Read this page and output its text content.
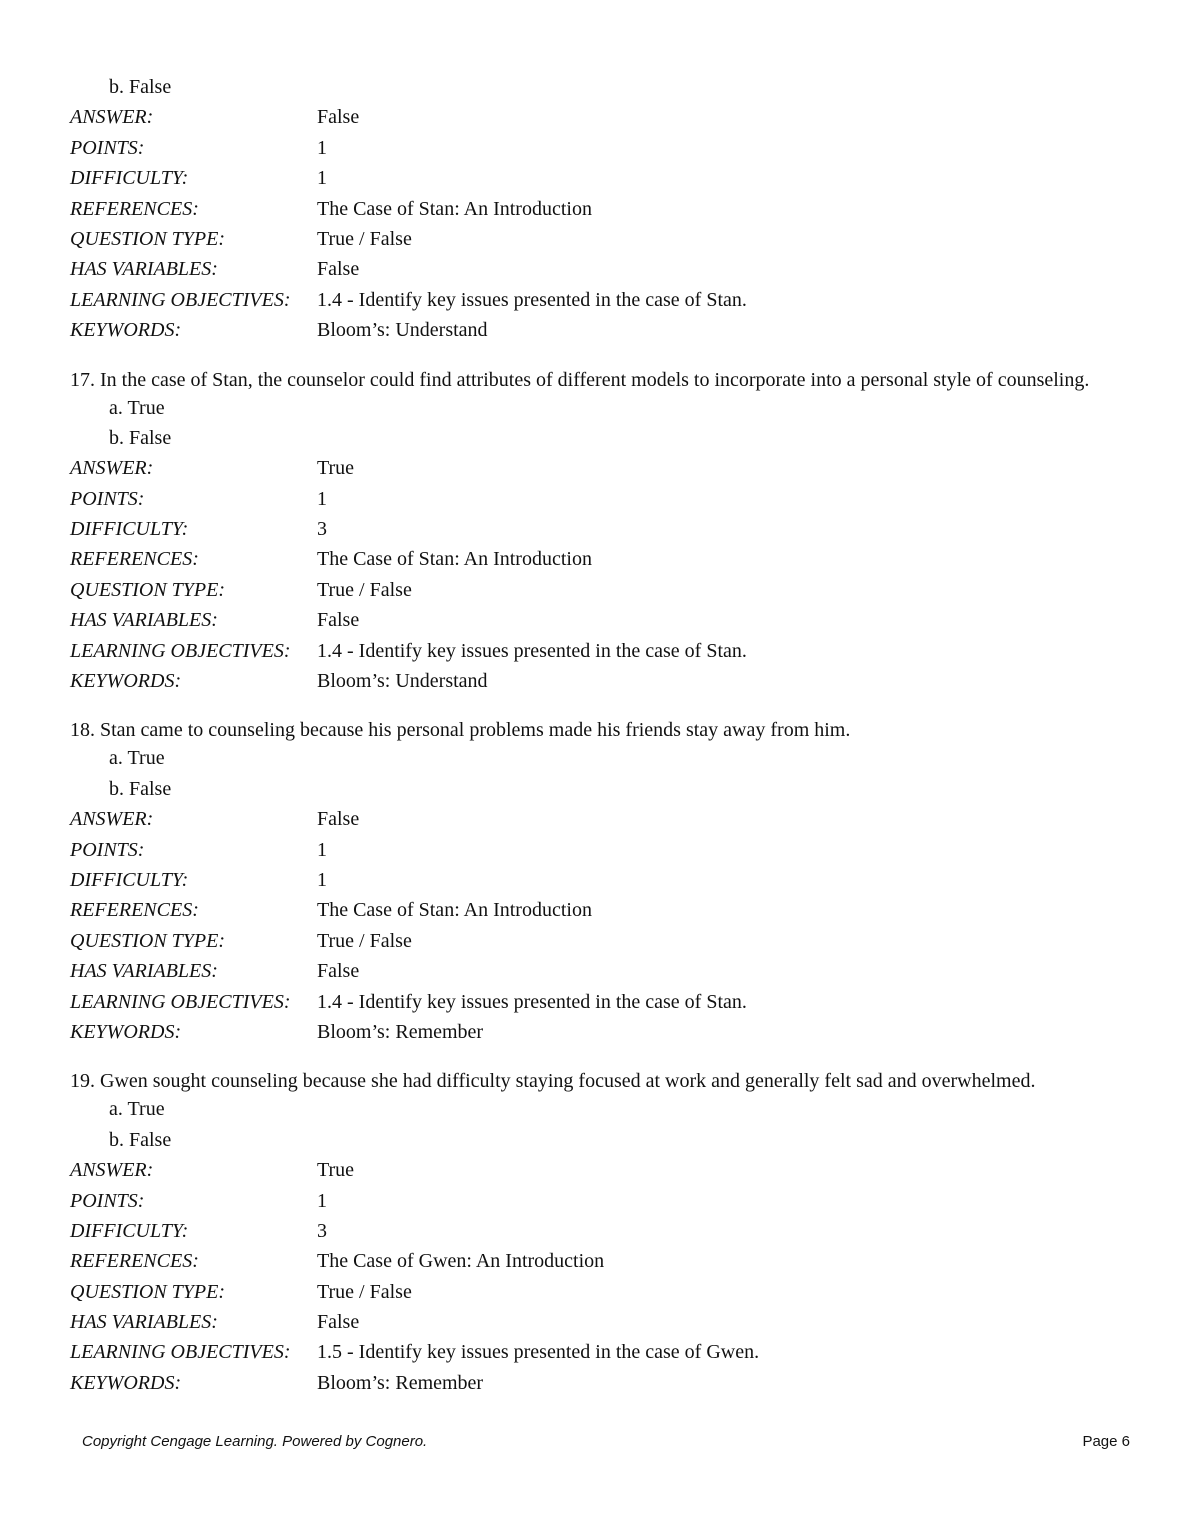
b. False
ANSWER:	False
POINTS:	1
DIFFICULTY:	1
REFERENCES:	The Case of Stan: An Introduction
QUESTION TYPE:	True / False
HAS VARIABLES:	False
LEARNING OBJECTIVES:	1.4 - Identify key issues presented in the case of Stan.
KEYWORDS:	Bloom’s: Understand
17. In the case of Stan, the counselor could find attributes of different models to incorporate into a personal style of counseling.
a. True
b. False
ANSWER:	True
POINTS:	1
DIFFICULTY:	3
REFERENCES:	The Case of Stan: An Introduction
QUESTION TYPE:	True / False
HAS VARIABLES:	False
LEARNING OBJECTIVES:	1.4 - Identify key issues presented in the case of Stan.
KEYWORDS:	Bloom’s: Understand
18. Stan came to counseling because his personal problems made his friends stay away from him.
a. True
b. False
ANSWER:	False
POINTS:	1
DIFFICULTY:	1
REFERENCES:	The Case of Stan: An Introduction
QUESTION TYPE:	True / False
HAS VARIABLES:	False
LEARNING OBJECTIVES:	1.4 - Identify key issues presented in the case of Stan.
KEYWORDS:	Bloom’s: Remember
19. Gwen sought counseling because she had difficulty staying focused at work and generally felt sad and overwhelmed.
a. True
b. False
ANSWER:	True
POINTS:	1
DIFFICULTY:	3
REFERENCES:	The Case of Gwen: An Introduction
QUESTION TYPE:	True / False
HAS VARIABLES:	False
LEARNING OBJECTIVES:	1.5 - Identify key issues presented in the case of Gwen.
KEYWORDS:	Bloom’s: Remember
Copyright Cengage Learning. Powered by Cognero.	Page 6
